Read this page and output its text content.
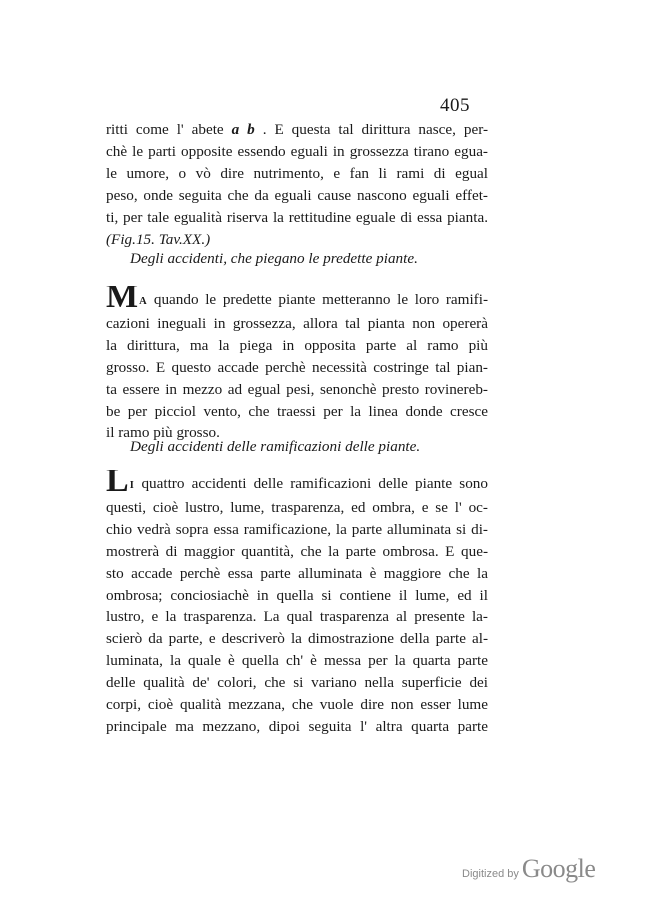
405
ritti come l' abete a b . E questa tal dirittura nasce, per-
chè le parti opposite essendo eguali in grossezza tirano egua-
le umore, o vò dire nutrimento, e fan li rami di egual
peso, onde seguita che da eguali cause nascono eguali effet-
ti, per tale egualità riserva la rettitudine eguale di essa pianta.
(Fig.15. Tav.XX.)
Degli accidenti, che piegano le predette piante.
M A quando le predette piante metteranno le loro ramifi-
cazioni ineguali in grossezza, allora tal pianta non opererà
la dirittura, ma la piega in opposita parte al ramo più
grosso. E questo accade perchè necessità costringe tal pian-
ta essere in mezzo ad egual pesi, senonchè presto rovinereb-
be per picciol vento, che traessi per la linea donde cresce
il ramo più grosso.
Degli accidenti delle ramificazioni delle piante.
L I quattro accidenti delle ramificazioni delle piante sono
questi, cioè lustro, lume, trasparenza, ed ombra, e se l' oc-
chio vedrà sopra essa ramificazione, la parte alluminata si di-
mostrerà di maggior quantità, che la parte ombrosa. E que-
sto accade perchè essa parte alluminata è maggiore che la
ombrosa; conciosiachè in quella si contiene il lume, ed il
lustro, e la trasparenza. La qual trasparenza al presente la-
scierò da parte, e descriverò la dimostrazione della parte al-
luminata, la quale è quella ch' è messa per la quarta parte
delle qualità de' colori, che si variano nella superficie dei
corpi, cioè qualità mezzana, che vuole dire non esser lume
principale ma mezzano, dipoi seguita l' altra quarta parte
Digitized by Google
